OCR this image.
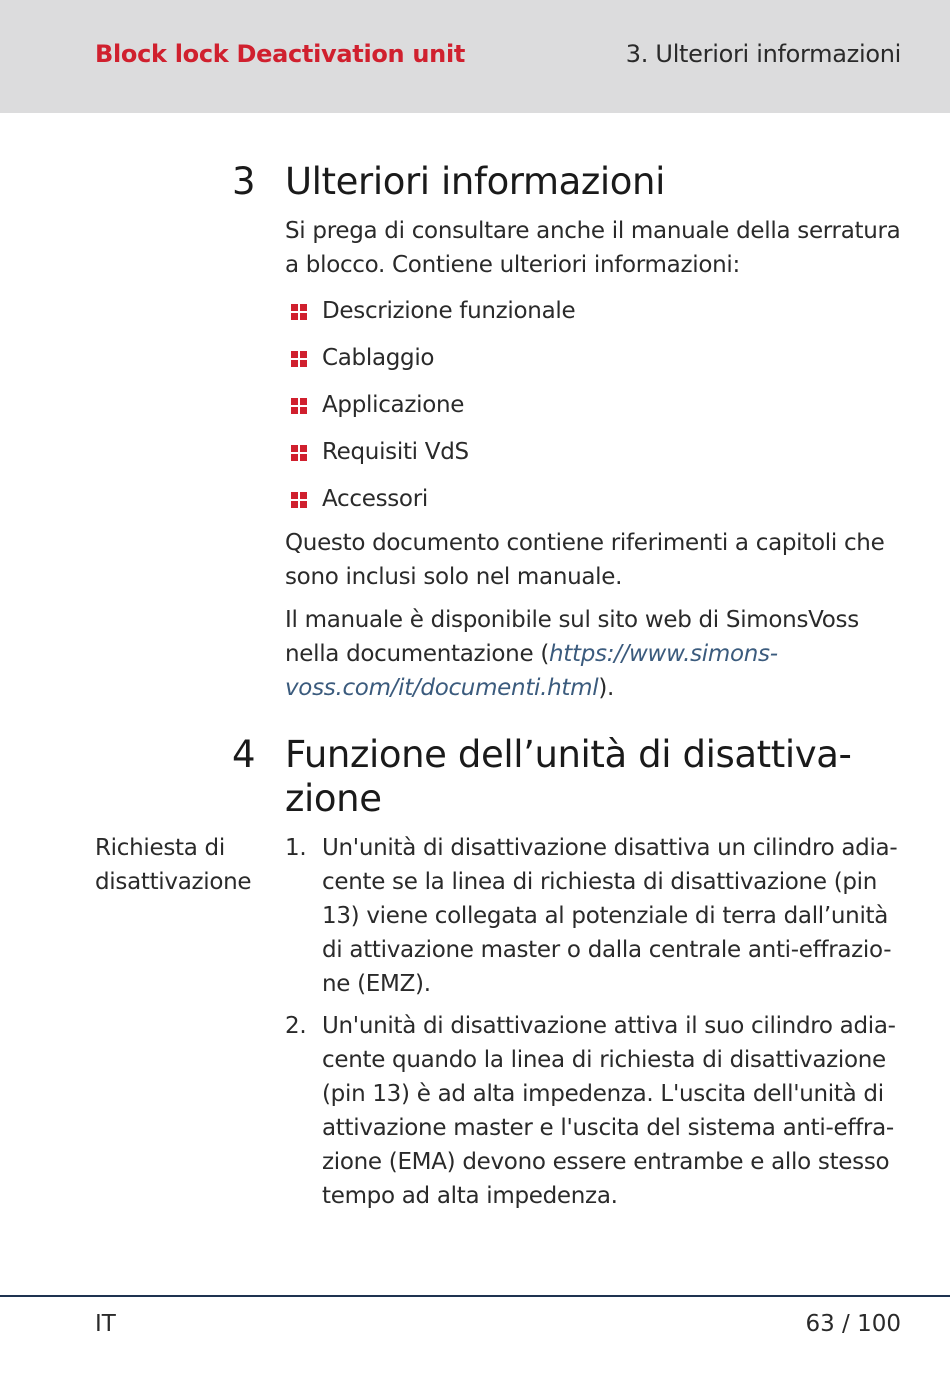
Block lock Deactivation unit	3. Ulteriori informazioni
3 Ulteriori informazioni
Si prega di consultare anche il manuale della serratura
a blocco. Contiene ulteriori informazioni:
Descrizione funzionale
Cablaggio
Applicazione
Requisiti VdS
Accessori
Questo documento contiene riferimenti a capitoli che
sono inclusi solo nel manuale.
Il manuale è disponibile sul sito web di SimonsVoss
nella documentazione (https://www.simons-
voss.com/it/documenti.html).
4 Funzione dell’unità di disattiva-
zione
Richiesta di
disattivazione
1. Un'unità di disattivazione disattiva un cilindro adia-
cente se la linea di richiesta di disattivazione (pin
13) viene collegata al potenziale di terra dall’unità
di attivazione master o dalla centrale anti-effrazio-
ne (EMZ).
2. Un'unità di disattivazione attiva il suo cilindro adia-
cente quando la linea di richiesta di disattivazione
(pin 13) è ad alta impedenza. L'uscita dell'unità di
attivazione master e l'uscita del sistema anti-effra-
zione (EMA) devono essere entrambe e allo stesso
tempo ad alta impedenza.
IT	63 / 100
